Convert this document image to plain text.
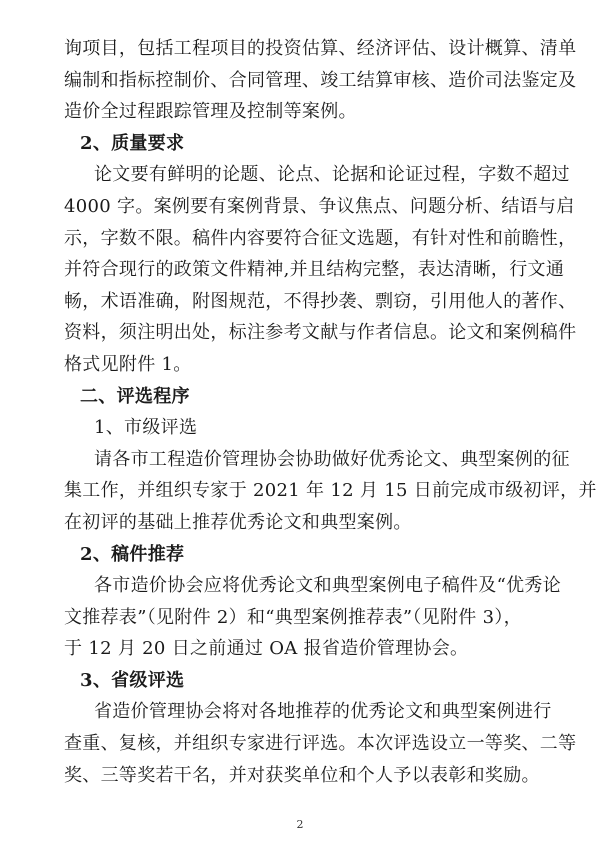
询项目，包括工程项目的投资估算、经济评估、设计概算、清单
编制和指标控制价、合同管理、竣工结算审核、造价司法鉴定及
造价全过程跟踪管理及控制等案例。
2、质量要求
论文要有鲜明的论题、论点、论据和论证过程，字数不超过
4000 字。案例要有案例背景、争议焦点、问题分析、结语与启
示，字数不限。稿件内容要符合征文选题，有针对性和前瞻性，
并符合现行的政策文件精神,并且结构完整，表达清晰，行文通
畅，术语准确，附图规范，不得抄袭、剽窃，引用他人的著作、
资料，须注明出处，标注参考文献与作者信息。论文和案例稿件
格式见附件 1。
二、评选程序
1、市级评选
请各市工程造价管理协会协助做好优秀论文、典型案例的征
集工作，并组织专家于 2021 年 12 月 15 日前完成市级初评，并
在初评的基础上推荐优秀论文和典型案例。
2、稿件推荐
各市造价协会应将优秀论文和典型案例电子稿件及“优秀论
文推荐表”（见附件 2）和“典型案例推荐表”（见附件 3），
于 12 月 20 日之前通过 OA 报省造价管理协会。
3、省级评选
省造价管理协会将对各地推荐的优秀论文和典型案例进行
查重、复核，并组织专家进行评选。本次评选设立一等奖、二等
奖、三等奖若干名，并对获奖单位和个人予以表彰和奖励。
2
